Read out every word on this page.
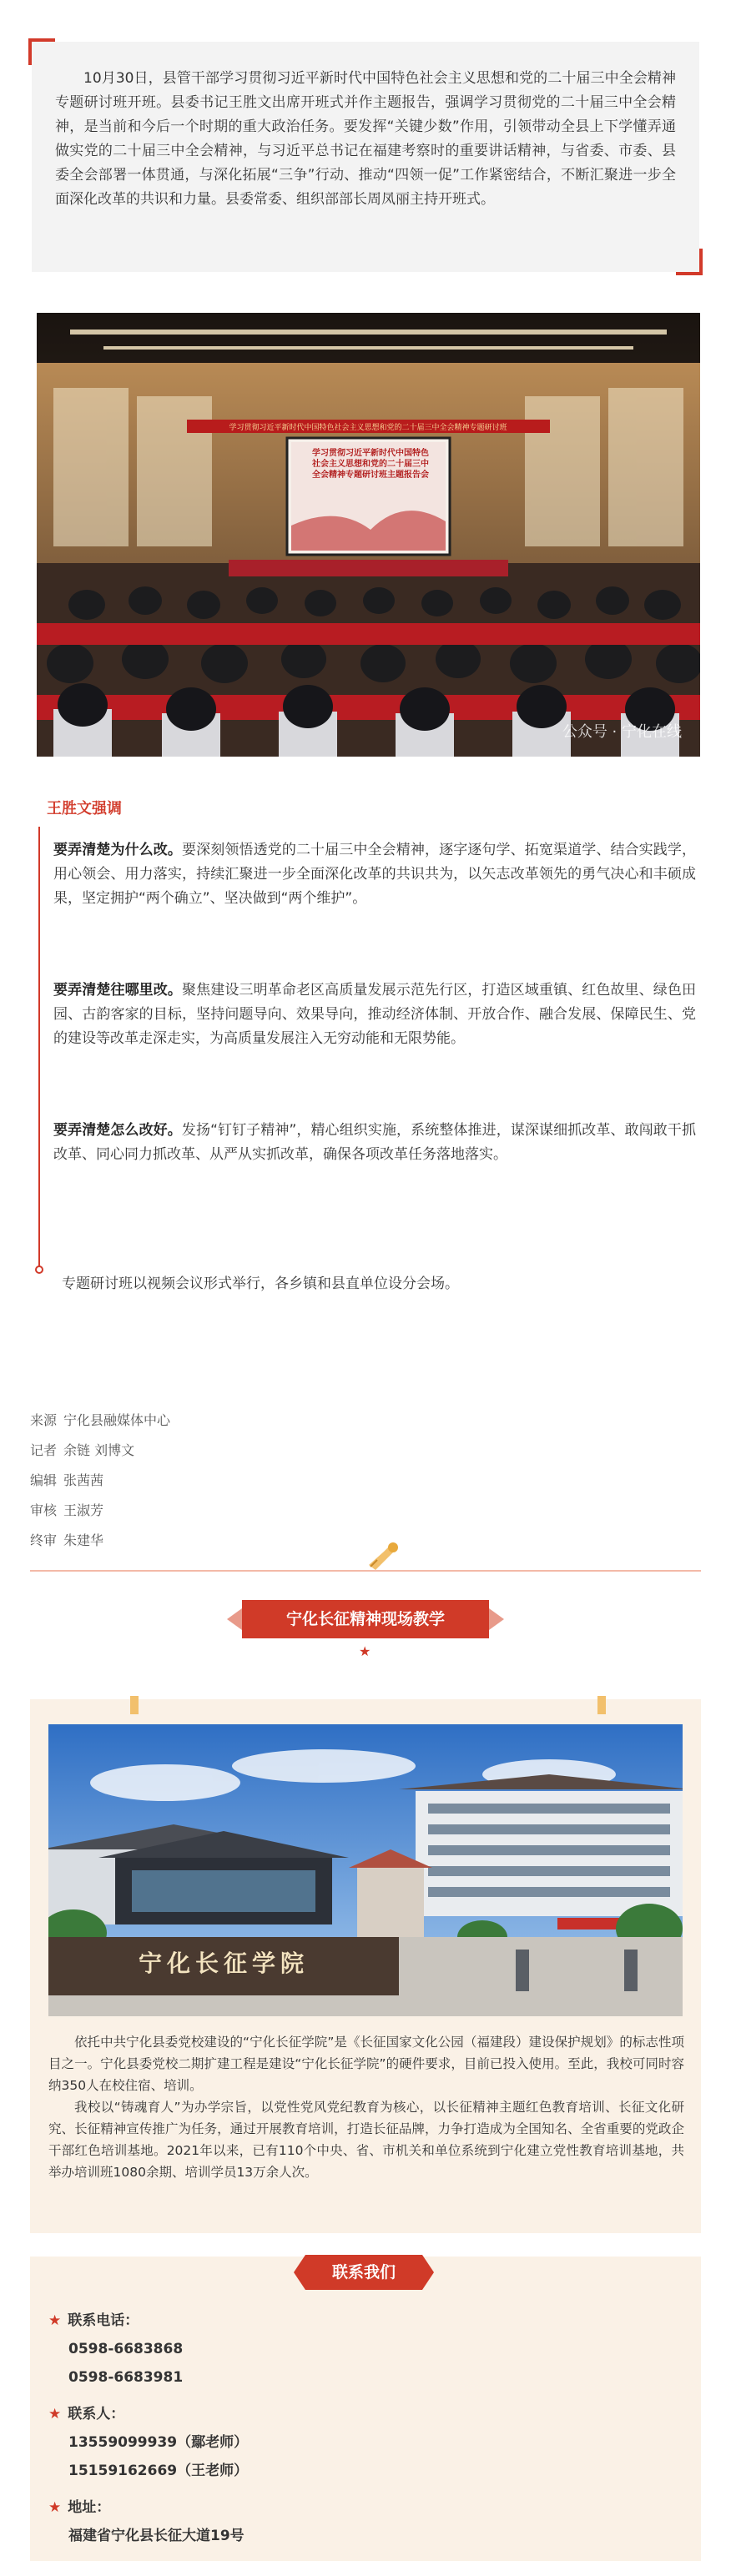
10月30日，县管干部学习贯彻习近平新时代中国特色社会主义思想和党的二十届三中全会精神专题研讨班开班。县委书记王胜文出席开班式并作主题报告，强调学习贯彻党的二十届三中全会精神，是当前和今后一个时期的重大政治任务。要发挥“关键少数”作用，引领带动全县上下学懂弄通做实党的二十届三中全会精神，与习近平总书记在福建考察时的重要讲话精神，与省委、市委、县委全会部署一体贯通，与深化拓展“三争”行动、推动“四领一促”工作紧密结合，不断汇聚进一步全面深化改革的共识和力量。县委常委、组织部部长周凤丽主持开班式。

学习贯彻习近平新时代中国特色社会主义思想和党的二十届三中全会精神专题研讨班
学习贯彻习近平新时代中国特色社会主义思想和党的二十届三中全会精神专题研讨班主题报告会
公众号 · 宁化在线
王胜文强调
要弄清楚为什么改。要深刻领悟透党的二十届三中全会精神，逐字逐句学、拓宽渠道学、结合实践学，用心领会、用力落实，持续汇聚进一步全面深化改革的共识共为，以矢志改革领先的勇气决心和丰硕成果，坚定拥护“两个确立”、坚决做到“两个维护”。
要弄清楚往哪里改。聚焦建设三明革命老区高质量发展示范先行区，打造区域重镇、红色故里、绿色田园、古韵客家的目标，坚持问题导向、效果导向，推动经济体制、开放合作、融合发展、保障民生、党的建设等改革走深走实，为高质量发展注入无穷动能和无限势能。
要弄清楚怎么改好。发扬“钉钉子精神”，精心组织实施，系统整体推进，谋深谋细抓改革、敢闯敢干抓改革、同心同力抓改革、从严从实抓改革，确保各项改革任务落地落实。

专题研讨班以视频会议形式举行，各乡镇和县直单位设分会场。

来源 宁化县融媒体中心
记者 余链 刘博文
编辑 张茜茜
审核 王淑芳
终审 朱建华
宁化长征精神现场教学
★
宁化长征学院

依托中共宁化县委党校建设的“宁化长征学院”是《长征国家文化公园（福建段）建设保护规划》的标志性项目之一。宁化县委党校二期扩建工程是建设“宁化长征学院”的硬件要求，目前已投入使用。至此，我校可同时容纳350人在校住宿、培训。

我校以“铸魂育人”为办学宗旨，以党性党风党纪教育为核心，以长征精神主题红色教育培训、长征文化研究、长征精神宣传推广为任务，通过开展教育培训，打造长征品牌，力争打造成为全国知名、全省重要的党政企干部红色培训基地。2021年以来，已有110个中央、省、市机关和单位系统到宁化建立党性教育培训基地，共举办培训班1080余期、培训学员13万余人次。

联系我们
★ 联系电话：
0598-6683868
0598-6683981
★ 联系人：
13559099939（鄢老师）
15159162669（王老师）
★ 地址：
福建省宁化县长征大道19号
